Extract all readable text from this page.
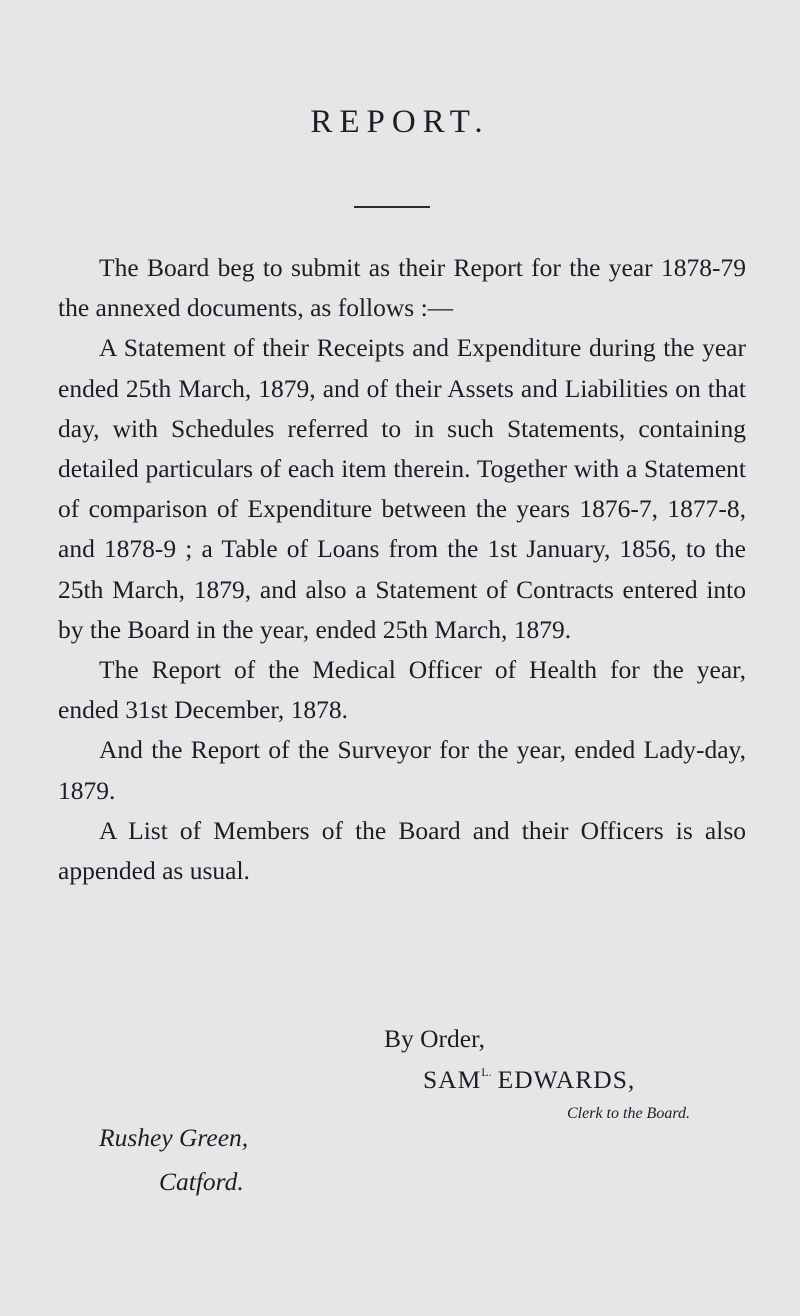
REPORT.

The Board beg to submit as their Report for the year 1878-79 the annexed documents, as follows :—

A Statement of their Receipts and Expenditure during the year ended 25th March, 1879, and of their Assets and Liabilities on that day, with Schedules referred to in such Statements, containing detailed particulars of each item therein. Together with a Statement of comparison of Expenditure between the years 1876-7, 1877-8, and 1878-9 ; a Table of Loans from the 1st January, 1856, to the 25th March, 1879, and also a Statement of Contracts entered into by the Board in the year, ended 25th March, 1879.

The Report of the Medical Officer of Health for the year, ended 31st December, 1878.

And the Report of the Surveyor for the year, ended Lady-day, 1879.

A List of Members of the Board and their Officers is also appended as usual.

By Order,
$SAM^{L.}$ EDWARDS,
Clerk to the Board.
Rushey Green,
Catford.
